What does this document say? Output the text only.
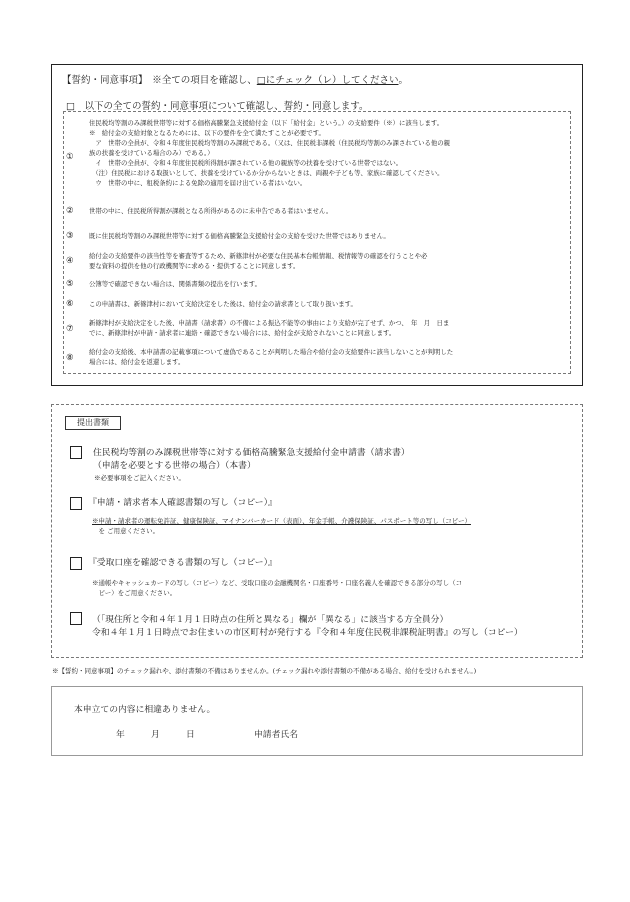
【誓約・同意事項】　 ※全ての項目を確認し、□にチェック（レ）してください。
□　以下の全ての誓約・同意事項について確認し、誓約・同意します。
①
住民税均等割のみ課税世帯等に対する価格高騰緊急支援給付金（以下「給付金」という。）の支給要件（※）に該当します。
※　給付金の支給対象となるためには、以下の要件を全て満たすことが必要です。
　ア　世帯の全員が、令和４年度住民税均等割のみ課税である。（又は、住民税非課税（住民税均等割のみ課されている他の親
族の扶養を受けている場合のみ）である。）
　イ　世帯の全員が、令和４年度住民税所得割が課されている他の親族等の扶養を受けている世帯ではない。
　（注）住民税における取扱いとして、扶養を受けているか分からないときは、両親や子ども等、家族に確認してください。
　ウ　世帯の中に、租税条約による免除の適用を届け出ている者はいない。
② 世帯の中に、住民税所得割が課税となる所得があるのに未申告である者はいません。
③ 既に住民税均等割のみ課税世帯等に対する価格高騰緊急支援給付金の支給を受けた世帯ではありません。
④ 給付金の支給要件の該当性等を審査等するため、新篠津村が必要な住民基本台帳情報、税情報等の確認を行うことや必
要な資料の提供を他の行政機関等に求める・提供することに同意します。
⑤ 公簿等で確認できない場合は、関係書類の提出を行います。
⑥ この申請書は、新篠津村において支給決定をした後は、給付金の請求書として取り扱います。
⑦
新篠津村が支給決定をした後、申請書（請求書）の不備による振込不能等の事由により支給が完了せず、かつ、　年　月　日ま
でに、新篠津村が申請・請求者に連絡・確認できない場合には、給付金が支給されないことに同意します。
⑧
給付金の支給後、本申請書の記載事項について虚偽であることが判明した場合や給付金の支給要件に該当しないことが判明した
場合には、給付金を返還します。
提出書類
住民税均等割のみ課税世帯等に対する価格高騰緊急支援給付金申請書（請求書）
（申請を必要とする世帯の場合）（本書）
※必要事項をご記入ください。
『申請・請求者本人確認書類の写し（コピー）』
※申請・請求者の運転免許証、健康保険証、マイナンバーカード（表面）、年金手帳、介護保険証、パスポート等の写し（コピー）
　を ご用意ください。
『受取口座を確認できる書類の写し（コピー）』
※通帳やキャッシュカードの写し（コピー）など、受取口座の金融機関名・口座番号・口座名義人を確認できる部分の写し（コ
　ピー）をご用意ください。
（「現住所と令和４年１月１日時点の住所と異なる」欄が「異なる」に該当する方全員分）
令和４年１月１日時点でお住まいの市区町村が発行する『令和４年度住民税非課税証明書』の写し（コピー）
※【誓約・同意事項】のチェック漏れや、添付書類の不備はありませんか。(チェック漏れや添付書類の不備がある場合、給付を受けられません。)
本申立ての内容に相違ありません。
年	月	日	申請者氏名
